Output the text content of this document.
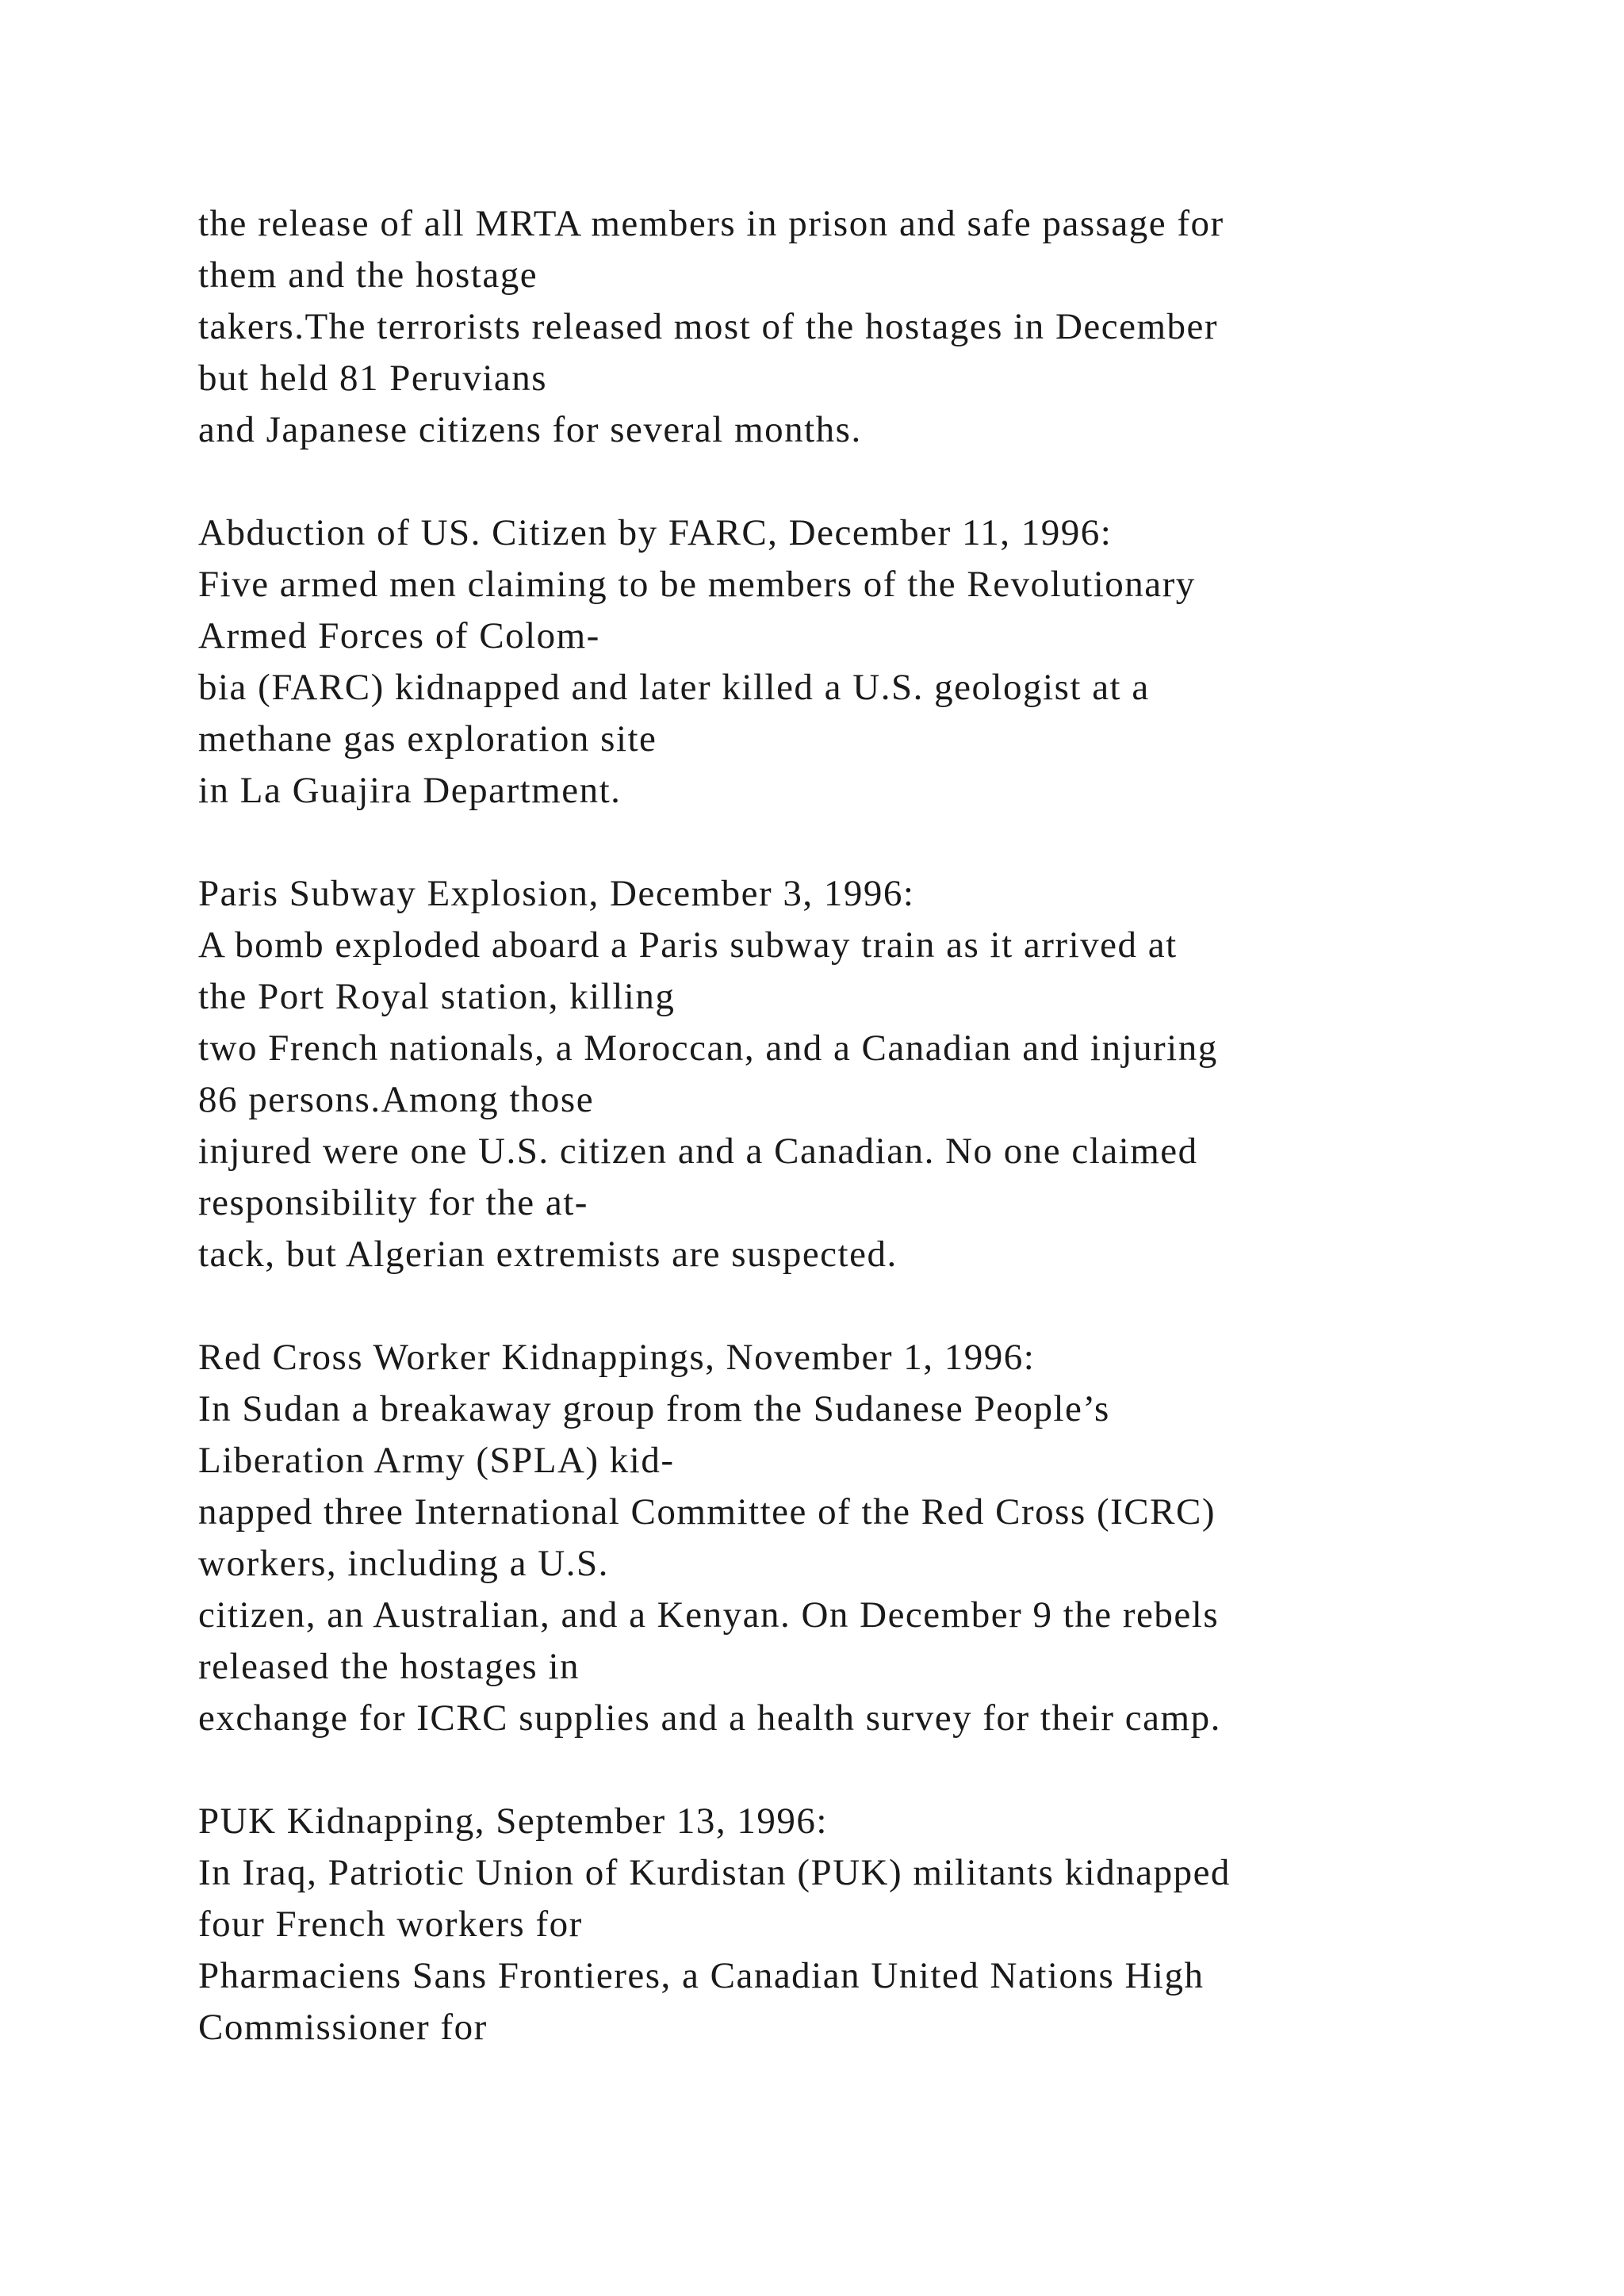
the release of all MRTA members in prison and safe passage for
them and the hostage
takers.The terrorists released most of the hostages in December
but held 81 Peruvians
and Japanese citizens for several months.
Abduction of US. Citizen by FARC, December 11, 1996:
Five armed men claiming to be members of the Revolutionary
Armed Forces of Colom-
bia (FARC) kidnapped and later killed a U.S. geologist at a
methane gas exploration site
in La Guajira Department.
Paris Subway Explosion, December 3, 1996:
A bomb exploded aboard a Paris subway train as it arrived at
the Port Royal station, killing
two French nationals, a Moroccan, and a Canadian and injuring
86 persons.Among those
injured were one U.S. citizen and a Canadian. No one claimed
responsibility for the at-
tack, but Algerian extremists are suspected.
Red Cross Worker Kidnappings, November 1, 1996:
In Sudan a breakaway group from the Sudanese People’s
Liberation Army (SPLA) kid-
napped three International Committee of the Red Cross (ICRC)
workers, including a U.S.
citizen, an Australian, and a Kenyan. On December 9 the rebels
released the hostages in
exchange for ICRC supplies and a health survey for their camp.
PUK Kidnapping, September 13, 1996:
In Iraq, Patriotic Union of Kurdistan (PUK) militants kidnapped
four French workers for
Pharmaciens Sans Frontieres, a Canadian United Nations High
Commissioner for
